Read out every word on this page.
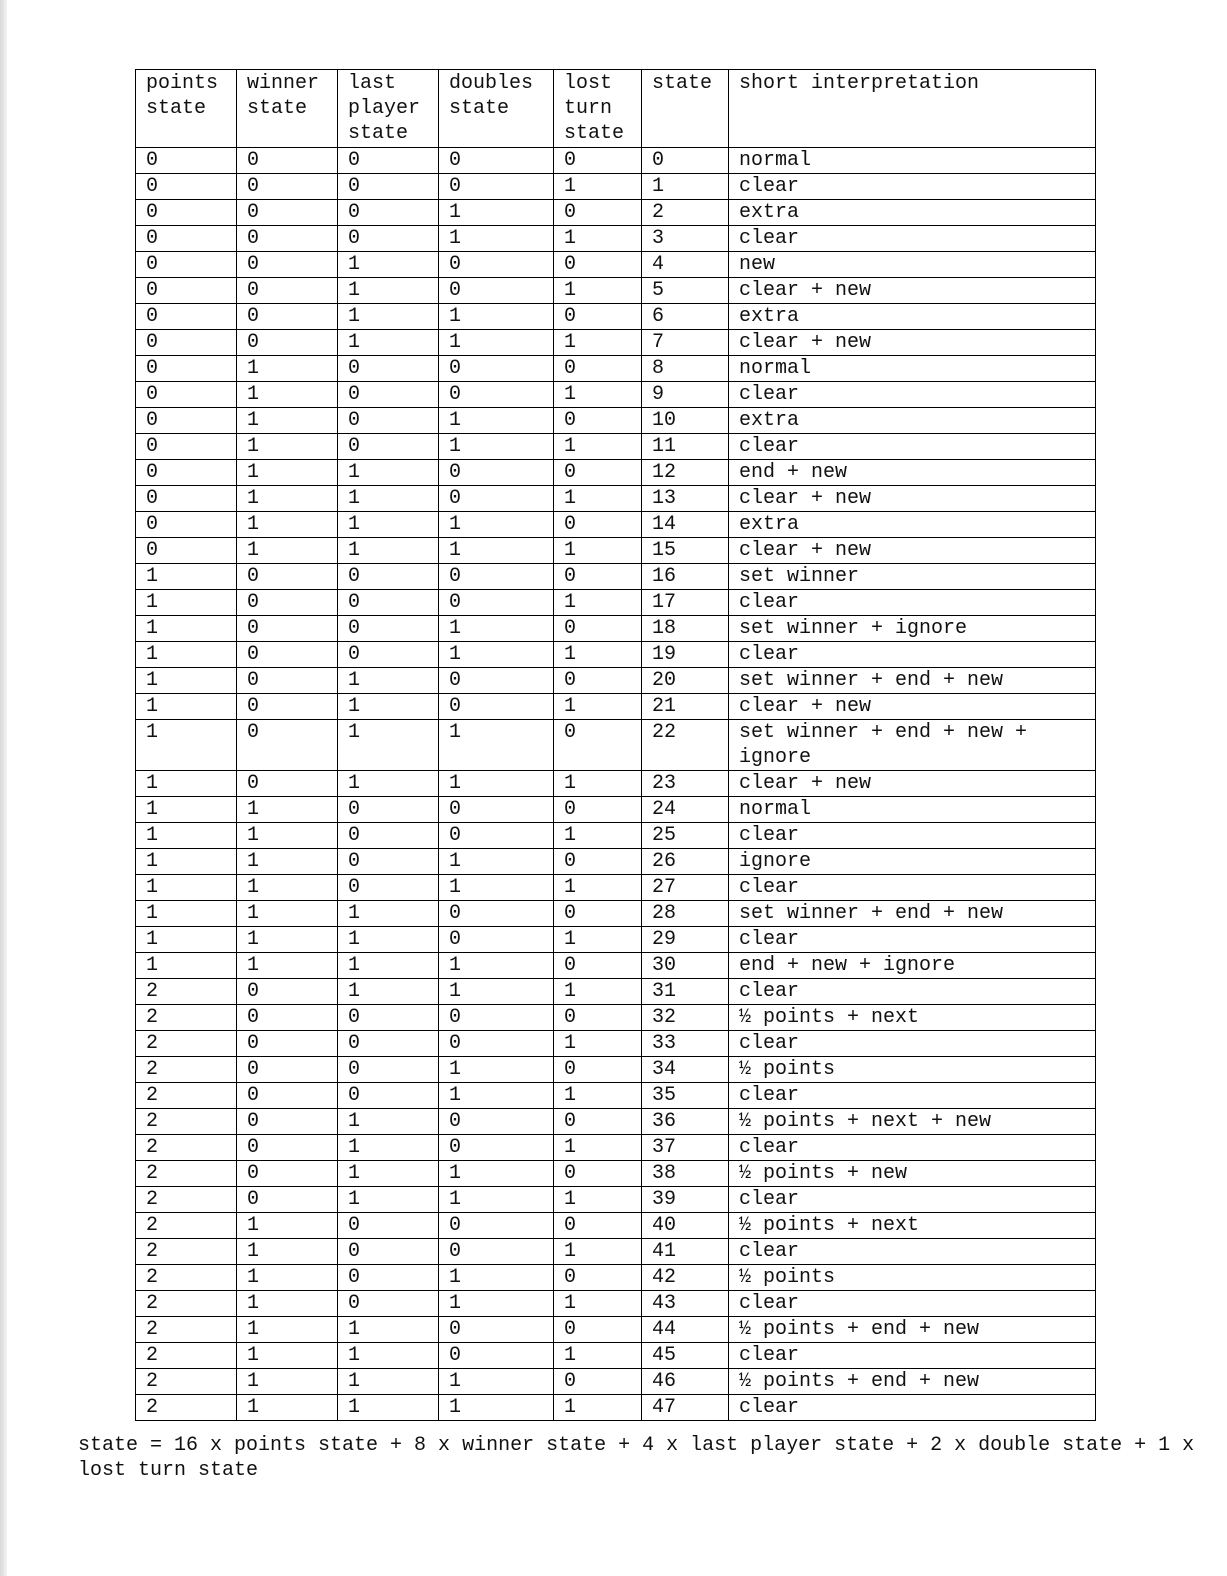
points
state	winner
state	last
player
state	doubles
state	lost
turn
state	state	short interpretation
0	0	0	0	0	0	normal
0	0	0	0	1	1	clear
0	0	0	1	0	2	extra
0	0	0	1	1	3	clear
0	0	1	0	0	4	new
0	0	1	0	1	5	clear + new
0	0	1	1	0	6	extra
0	0	1	1	1	7	clear + new
0	1	0	0	0	8	normal
0	1	0	0	1	9	clear
0	1	0	1	0	10	extra
0	1	0	1	1	11	clear
0	1	1	0	0	12	end + new
0	1	1	0	1	13	clear + new
0	1	1	1	0	14	extra
0	1	1	1	1	15	clear + new
1	0	0	0	0	16	set winner
1	0	0	0	1	17	clear
1	0	0	1	0	18	set winner + ignore
1	0	0	1	1	19	clear
1	0	1	0	0	20	set winner + end + new
1	0	1	0	1	21	clear + new
1	0	1	1	0	22	set winner + end + new + ignore
1	0	1	1	1	23	clear + new
1	1	0	0	0	24	normal
1	1	0	0	1	25	clear
1	1	0	1	0	26	ignore
1	1	0	1	1	27	clear
1	1	1	0	0	28	set winner + end + new
1	1	1	0	1	29	clear
1	1	1	1	0	30	end + new + ignore
2	0	1	1	1	31	clear
2	0	0	0	0	32	½ points + next
2	0	0	0	1	33	clear
2	0	0	1	0	34	½ points
2	0	0	1	1	35	clear
2	0	1	0	0	36	½ points + next + new
2	0	1	0	1	37	clear
2	0	1	1	0	38	½ points + new
2	0	1	1	1	39	clear
2	1	0	0	0	40	½ points + next
2	1	0	0	1	41	clear
2	1	0	1	0	42	½ points
2	1	0	1	1	43	clear
2	1	1	0	0	44	½ points + end + new
2	1	1	0	1	45	clear
2	1	1	1	0	46	½ points + end + new
2	1	1	1	1	47	clear
state = 16 x points state + 8 x winner state + 4 x last player state + 2 x double state + 1 x lost turn state
